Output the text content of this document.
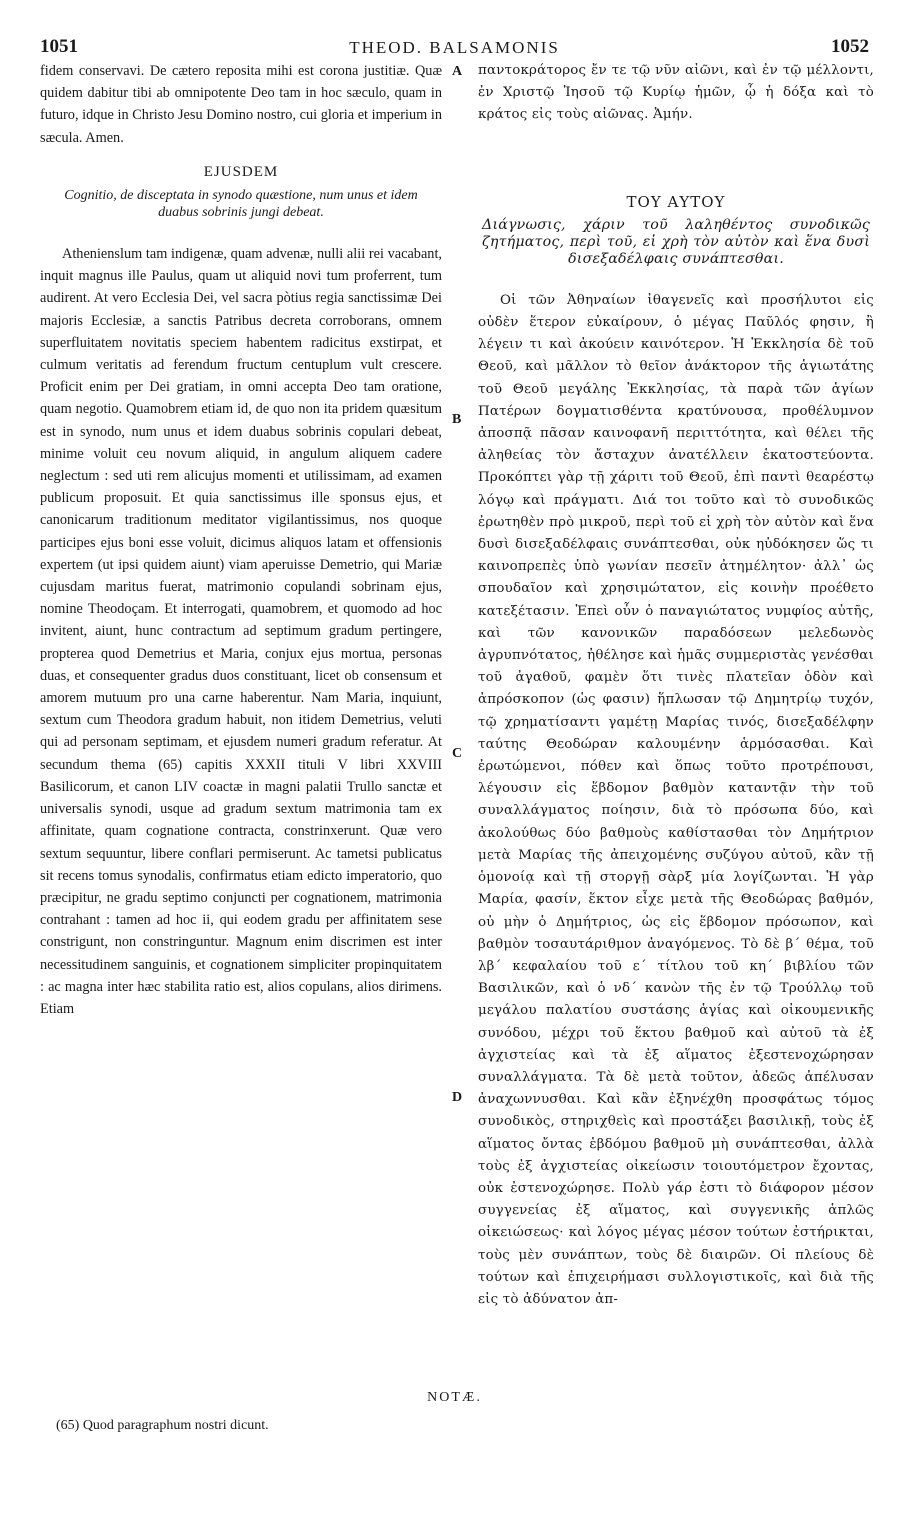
1051	THEOD. BALSAMONIS	1052
A
B
C
D

fidem conservavi. De cætero reposita mihi est corona justitiæ. Quæ quidem dabitur tibi ab omnipotente Deo tam in hoc sæculo, quam in futuro, idque in Christo Jesu Domino nostro, cui gloria et imperium in sæcula. Amen.

EJUSDEM
Cognitio, de disceptata in synodo quæstione, num unus et idem duabus sobrinis jungi debeat.

Athenienslum tam indigenæ, quam advenæ, nulli alii rei vacabant, inquit magnus ille Paulus, quam ut aliquid novi tum proferrent, tum audirent. At vero Ecclesia Dei, vel sacra pòtius regia sanctissimæ Dei majoris Ecclesiæ, a sanctis Patribus decreta corroborans, omnem superfluitatem novitatis speciem habentem radicitus exstirpat, et culmum veritatis ad ferendum fructum centuplum vult crescere. Proficit enim per Dei gratiam, in omni accepta Deo tam oratione, quam negotio. Quamobrem etiam id, de quo non ita pridem quæsitum est in synodo, num unus et idem duabus sobrinis copulari debeat, minime voluit ceu novum aliquid, in angulum aliquem cadere neglectum : sed uti rem alicujus momenti et utilissimam, ad examen publicum proposuit. Et quia sanctissimus ille sponsus ejus, et canonicarum traditionum meditator vigilantissimus, nos quoque participes ejus boni esse voluit, dicimus aliquos latam et offensionis expertem (ut ipsi quidem aiunt) viam aperuisse Demetrio, qui Mariæ cujusdam maritus fuerat, matrimonio copulandi sobrinam ejus, nomine Theodoçam. Et interrogati, quamobrem, et quomodo ad hoc invitent, aiunt, hunc contractum ad septimum gradum pertingere, propterea quod Demetrius et Maria, conjux ejus mortua, personas duas, et consequenter gradus duos constituant, licet ob consensum et amorem mutuum pro una carne haberentur. Nam Maria, inquiunt, sextum cum Theodora gradum habuit, non itidem Demetrius, veluti qui ad personam septimam, et ejusdem numeri gradum referatur. At secundum thema (65) capitis XXXII tituli V libri XXVIII Basilicorum, et canon LIV coactæ in magni palatii Trullo sanctæ et universalis synodi, usque ad gradum sextum matrimonia tam ex affinitate, quam cognatione contracta, constrinxerunt. Quæ vero sextum sequuntur, libere conflari permiserunt. Ac tametsi publicatus sit recens tomus synodalis, confirmatus etiam edicto imperatorio, quo præcipitur, ne gradu septimo conjuncti per cognationem, matrimonia contrahant : tamen ad hoc ii, qui eodem gradu per affinitatem sese constrigunt, non constringuntur. Magnum enim discrimen est inter necessitudinem sanguinis, et cognationem simpliciter propinquitatem : ac magna inter hæc stabilita ratio est, alios copulans, alios dirimens. Etiam

παντοκράτορος ἔν τε τῷ νῦν αἰῶνι, καὶ ἐν τῷ μέλλοντι, ἐν Χριστῷ Ἰησοῦ τῷ Κυρίῳ ἡμῶν, ᾧ ἡ δόξα καὶ τὸ κράτος εἰς τοὺς αἰῶνας. Ἀμήν.

ΤΟΥ ΑΥΤΟΥ
Διάγνωσις, χάριν τοῦ λαληθέντος συνοδικῶς ζητήματος, περὶ τοῦ, εἰ χρὴ τὸν αὐτὸν καὶ ἕνα δυσὶ δισεξαδέλφαις συνάπτεσθαι.

Οἱ τῶν Ἀθηναίων ἰθαγενεῖς καὶ προσήλυτοι εἰς οὐδὲν ἕτερον εὐκαίρουν, ὁ μέγας Παῦλός φησιν, ἢ λέγειν τι καὶ ἀκούειν καινότερον. Ἡ Ἐκκλησία δὲ τοῦ Θεοῦ, καὶ μᾶλλον τὸ θεῖον ἀνάκτορον τῆς ἁγιωτάτης τοῦ Θεοῦ μεγάλης Ἐκκλησίας, τὰ παρὰ τῶν ἁγίων Πατέρων δογματισθέντα κρατύνουσα, προθέλυμνον ἀποσπᾷ πᾶσαν καινοφανῆ περιττότητα, καὶ θέλει τῆς ἀληθείας τὸν ἄσταχυν ἀνατέλλειν ἑκατοστεύοντα. Προκόπτει γὰρ τῇ χάριτι τοῦ Θεοῦ, ἐπὶ παντὶ θεαρέστῳ λόγῳ καὶ πράγματι. Διά τοι τοῦτο καὶ τὸ συνοδικῶς ἐρωτηθὲν πρὸ μικροῦ, περὶ τοῦ εἰ χρὴ τὸν αὐτὸν καὶ ἕνα δυσὶ δισεξαδέλφαις συνάπτεσθαι, οὐκ ηὐδόκησεν ὥς τι καινοπρεπὲς ὑπὸ γωνίαν πεσεῖν ἀτημέλητον· ἀλλ᾽ ὡς σπουδαῖον καὶ χρησιμώτατον, εἰς κοινὴν προέθετο κατεξέτασιν. Ἐπεὶ οὖν ὁ παναγιώτατος νυμφίος αὐτῆς, καὶ τῶν κανονικῶν παραδόσεων μελεδωνὸς ἀγρυπνότατος, ἠθέλησε καὶ ἡμᾶς συμμεριστὰς γενέσθαι τοῦ ἀγαθοῦ, φαμὲν ὅτι τινὲς πλατεῖαν ὁδὸν καὶ ἀπρόσκοπον (ὡς φασιν) ἥπλωσαν τῷ Δημητρίῳ τυχόν, τῷ χρηματίσαντι γαμέτῃ Μαρίας τινός, δισεξαδέλφην ταύτης Θεοδώραν καλουμένην ἁρμόσασθαι. Καὶ ἐρωτώμενοι, πόθεν καὶ ὅπως τοῦτο προτρέπουσι, λέγουσιν εἰς ἕβδομον βαθμὸν καταντᾷν τὴν τοῦ συναλλάγματος ποίησιν, διὰ τὸ πρόσωπα δύο, καὶ ἀκολούθως δύο βαθμοὺς καθίστασθαι τὸν Δημήτριον μετὰ Μαρίας τῆς ἀπειχομένης συζύγου αὐτοῦ, κἂν τῇ ὁμονοίᾳ καὶ τῇ στοργῇ σὰρξ μία λογίζωνται. Ἡ γὰρ Μαρία, φασίν, ἕκτον εἶχε μετὰ τῆς Θεοδώρας βαθμόν, οὐ μὴν ὁ Δημήτριος, ὡς εἰς ἕβδομον πρόσωπον, καὶ βαθμὸν τοσαυτάριθμον ἀναγόμενος. Τὸ δὲ β´ θέμα, τοῦ λβ´ κεφαλαίου τοῦ ε´ τίτλου τοῦ κη´ βιβλίου τῶν Βασιλικῶν, καὶ ὁ νδ´ κανὼν τῆς ἐν τῷ Τρούλλῳ τοῦ μεγάλου παλατίου συστάσης ἁγίας καὶ οἰκουμενικῆς συνόδου, μέχρι τοῦ ἕκτου βαθμοῦ καὶ αὐτοῦ τὰ ἐξ ἀγχιστείας καὶ τὰ ἐξ αἵματος ἐξεστενοχώρησαν συναλλάγματα. Τὰ δὲ μετὰ τοῦτον, ἀδεῶς ἀπέλυσαν ἀναχωννυσθαι. Καὶ κἂν ἐξηνέχθη προσφάτως τόμος συνοδικὸς, στηριχθεὶς καὶ προστάξει βασιλικῇ, τοὺς ἐξ αἵματος ὄντας ἑβδόμου βαθμοῦ μὴ συνάπτεσθαι, ἀλλὰ τοὺς ἐξ ἀγχιστείας οἰκείωσιν τοιουτόμετρον ἔχοντας, οὐκ ἐστενοχώρησε. Πολὺ γάρ ἐστι τὸ διάφορον μέσον συγγενείας ἐξ αἵματος, καὶ συγγενικῆς ἁπλῶς οἰκειώσεως· καὶ λόγος μέγας μέσον τούτων ἐστήρικται, τοὺς μὲν συνάπτων, τοὺς δὲ διαιρῶν. Οἱ πλείους δὲ τούτων καὶ ἐπιχειρήμασι συλλογιστικοῖς, καὶ διὰ τῆς εἰς τὸ ἀδύνατον ἀπ-

NOTÆ.
(65) Quod paragraphum nostri dicunt.
